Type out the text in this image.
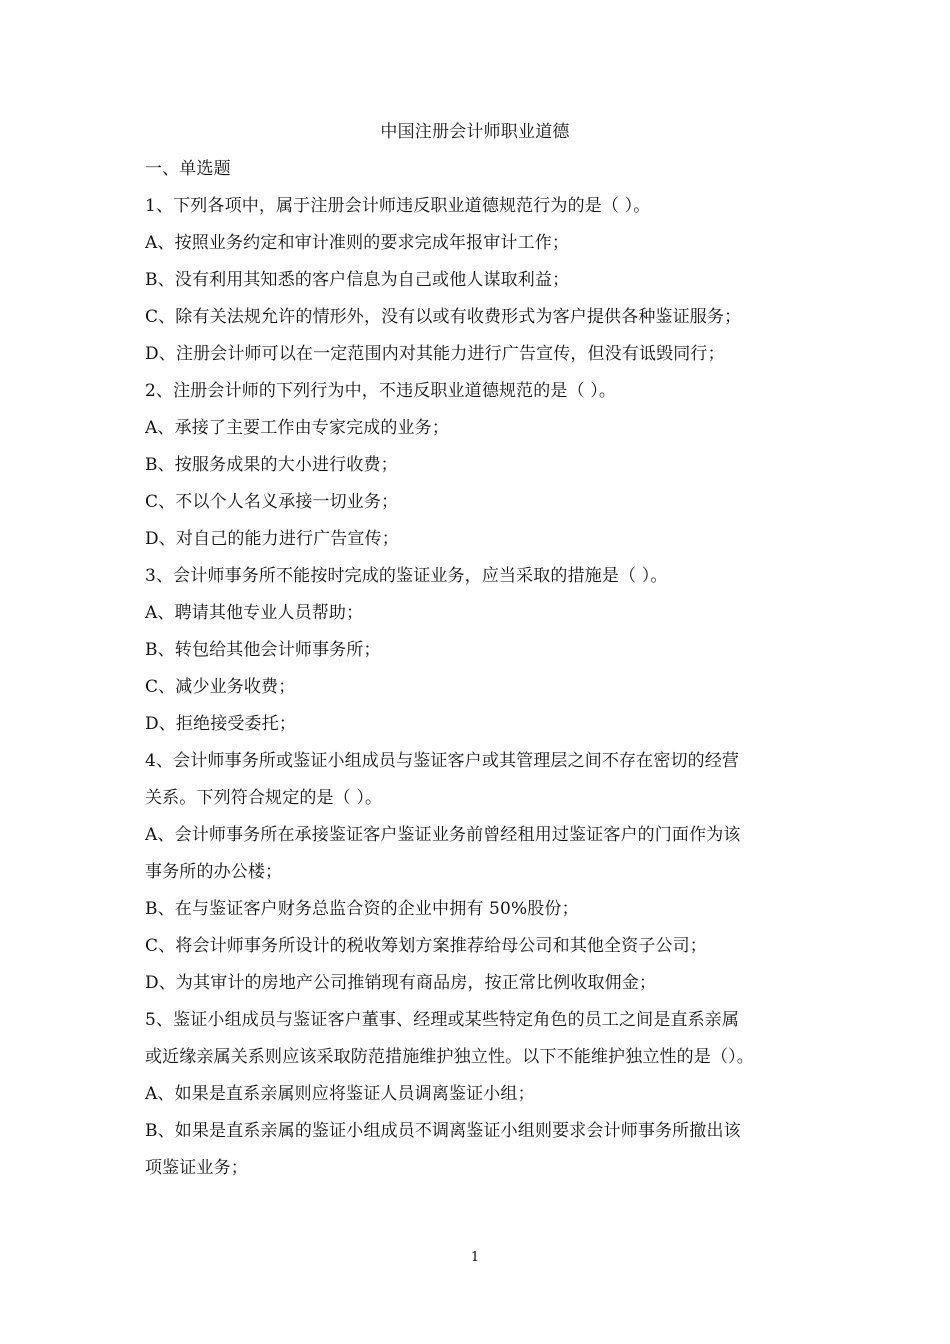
中国注册会计师职业道德
一、单选题
1、下列各项中，属于注册会计师违反职业道德规范行为的是（ ）。
A、按照业务约定和审计准则的要求完成年报审计工作；
B、没有利用其知悉的客户信息为自己或他人谋取利益；
C、除有关法规允许的情形外，没有以或有收费形式为客户提供各种鉴证服务；
D、注册会计师可以在一定范围内对其能力进行广告宣传，但没有诋毁同行；
2、注册会计师的下列行为中，不违反职业道德规范的是（ ）。
A、承接了主要工作由专家完成的业务；
B、按服务成果的大小进行收费；
C、不以个人名义承接一切业务；
D、对自己的能力进行广告宣传；
3、会计师事务所不能按时完成的鉴证业务，应当采取的措施是（ ）。
A、聘请其他专业人员帮助；
B、转包给其他会计师事务所；
C、减少业务收费；
D、拒绝接受委托；
4、会计师事务所或鉴证小组成员与鉴证客户或其管理层之间不存在密切的经营
关系。下列符合规定的是（ ）。
A、会计师事务所在承接鉴证客户鉴证业务前曾经租用过鉴证客户的门面作为该
事务所的办公楼；
B、在与鉴证客户财务总监合资的企业中拥有 50%股份；
C、将会计师事务所设计的税收筹划方案推荐给母公司和其他全资子公司；
D、为其审计的房地产公司推销现有商品房，按正常比例收取佣金；
5、鉴证小组成员与鉴证客户董事、经理或某些特定角色的员工之间是直系亲属
或近缘亲属关系则应该采取防范措施维护独立性。以下不能维护独立性的是（）。
A、如果是直系亲属则应将鉴证人员调离鉴证小组；
B、如果是直系亲属的鉴证小组成员不调离鉴证小组则要求会计师事务所撤出该
项鉴证业务；
1
